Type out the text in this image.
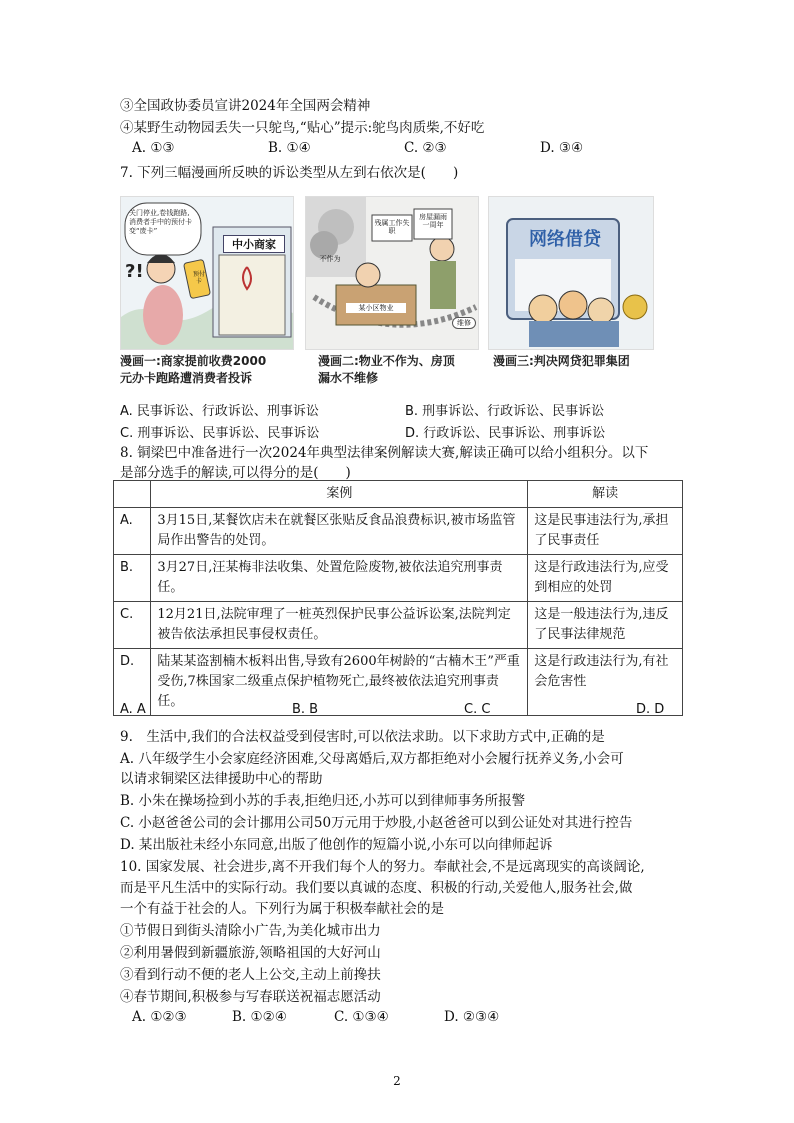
③全国政协委员宣讲2024年全国两会精神
④某野生动物园丢失一只鸵鸟,“贴心”提示:鸵鸟肉质柴,不好吃
A. ①③	B. ①④	C. ②③	D. ③④
7. 下列三幅漫画所反映的诉讼类型从左到右依次是(　　)
关门停业,卷钱跑路,消费者手中的预付卡变“废卡”
中小商家
预付卡
?!
残属工作失职
房屋漏雨一周年
某小区物业
不作为
维修
网络借贷
漫画一:商家提前收费2000
元办卡跑路遭消费者投诉
漫画二:物业不作为、房顶
漏水不维修
漫画三:判决网贷犯罪集团
A. 民事诉讼、行政诉讼、刑事诉讼	B. 刑事诉讼、行政诉讼、民事诉讼
C. 刑事诉讼、民事诉讼、民事诉讼	D. 行政诉讼、民事诉讼、刑事诉讼
8. 铜梁巴中准备进行一次2024年典型法律案例解读大赛,解读正确可以给小组积分。以下
是部分选手的解读,可以得分的是(　　)
	案例	解读
A.	3月15日,某餐饮店未在就餐区张贴反食品浪费标识,被市场监管局作出警告的处罚。	这是民事违法行为,承担了民事责任
B.	3月27日,汪某梅非法收集、处置危险废物,被依法追究刑事责任。	这是行政违法行为,应受到相应的处罚
C.	12月21日,法院审理了一桩英烈保护民事公益诉讼案,法院判定被告依法承担民事侵权责任。	这是一般违法行为,违反了民事法律规范
D.	陆某某盗割楠木板料出售,导致有2600年树龄的“古楠木王”严重受伤,7株国家二级重点保护植物死亡,最终被依法追究刑事责任。	这是行政违法行为,有社会危害性
A. A	B. B	C. C	D. D
9.　生活中,我们的合法权益受到侵害时,可以依法求助。以下求助方式中,正确的是
A. 八年级学生小会家庭经济困难,父母离婚后,双方都拒绝对小会履行抚养义务,小会可
以请求铜梁区法律援助中心的帮助
B. 小朱在操场捡到小苏的手表,拒绝归还,小苏可以到律师事务所报警
C. 小赵爸爸公司的会计挪用公司50万元用于炒股,小赵爸爸可以到公证处对其进行控告
D. 某出版社未经小东同意,出版了他创作的短篇小说,小东可以向律师起诉
10. 国家发展、社会进步,离不开我们每个人的努力。奉献社会,不是远离现实的高谈阔论,
而是平凡生活中的实际行动。我们要以真诚的态度、积极的行动,关爱他人,服务社会,做
一个有益于社会的人。下列行为属于积极奉献社会的是
①节假日到街头清除小广告,为美化城市出力
②利用暑假到新疆旅游,领略祖国的大好河山
③看到行动不便的老人上公交,主动上前搀扶
④春节期间,积极参与写春联送祝福志愿活动
A. ①②③	B. ①②④	C. ①③④	D. ②③④
2
